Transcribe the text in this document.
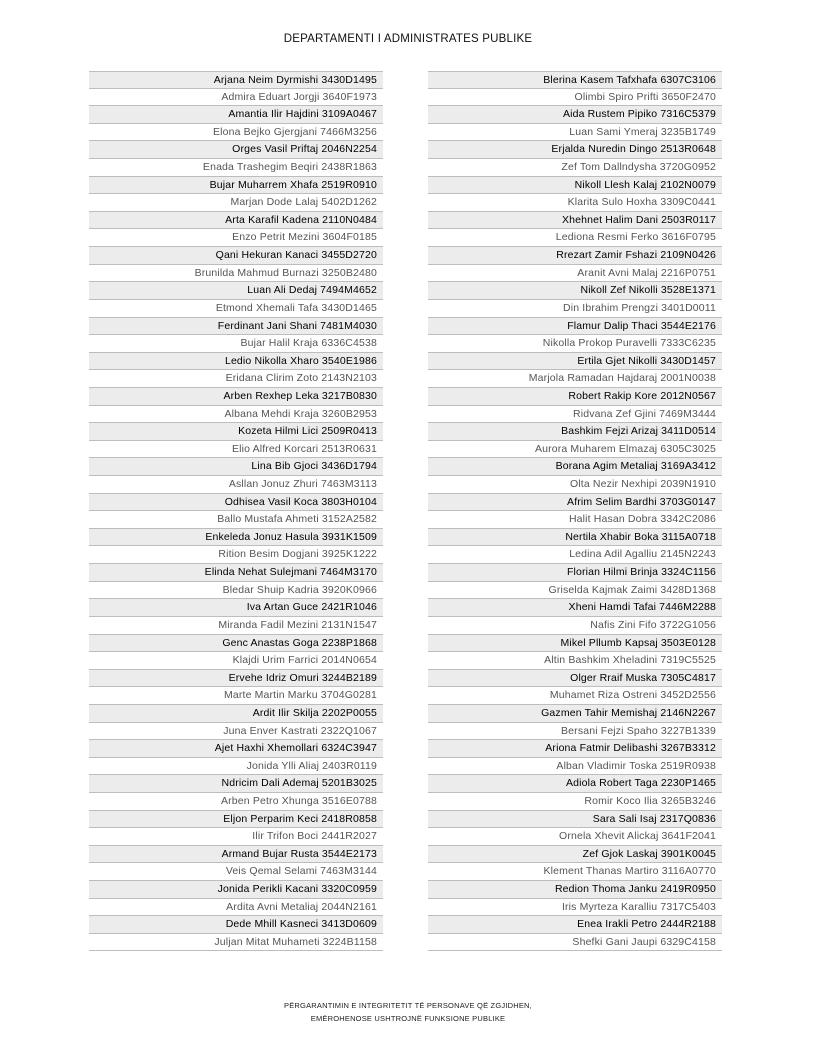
DEPARTAMENTI I ADMINISTRATES PUBLIKE
Arjana Neim Dyrmishi 3430D1495
Admira Eduart Jorgji 3640F1973
Amantia Ilir Hajdini 3109A0467
Elona Bejko Gjergjani 7466M3256
Orges Vasil Priftaj 2046N2254
Enada Trashegim Beqiri 2438R1863
Bujar Muharrem Xhafa 2519R0910
Marjan Dode Lalaj 5402D1262
Arta Karafil Kadena 2110N0484
Enzo Petrit Mezini 3604F0185
Qani Hekuran Kanaci 3455D2720
Brunilda Mahmud Burnazi 3250B2480
Luan Ali Dedaj 7494M4652
Etmond Xhemali Tafa 3430D1465
Ferdinant Jani Shani 7481M4030
Bujar Halil Kraja 6336C4538
Ledio Nikolla Xharo 3540E1986
Eridana Clirim Zoto 2143N2103
Arben Rexhep Leka 3217B0830
Albana Mehdi Kraja 3260B2953
Kozeta Hilmi Lici 2509R0413
Elio Alfred Korcari 2513R0631
Lina Bib Gjoci 3436D1794
Asllan Jonuz Zhuri 7463M3113
Odhisea Vasil Koca 3803H0104
Ballo Mustafa Ahmeti 3152A2582
Enkeleda Jonuz Hasula 3931K1509
Rition Besim Dogjani 3925K1222
Elinda Nehat Sulejmani 7464M3170
Bledar Shuip Kadria 3920K0966
Iva Artan Guce 2421R1046
Miranda Fadil Mezini 2131N1547
Genc Anastas Goga 2238P1868
Klajdi Urim Farrici 2014N0654
Ervehe Idriz Omuri 3244B2189
Marte Martin Marku 3704G0281
Ardit Ilir Skilja 2202P0055
Juna Enver Kastrati 2322Q1067
Ajet Haxhi Xhemollari 6324C3947
Jonida Ylli Aliaj 2403R0119
Ndricim Dali Ademaj 5201B3025
Arben Petro Xhunga 3516E0788
Eljon Perparim Keci 2418R0858
Ilir Trifon Boci 2441R2027
Armand Bujar Rusta 3544E2173
Veis Qemal Selami 7463M3144
Jonida Perikli Kacani 3320C0959
Ardita Avni Metaliaj 2044N2161
Dede Mhill Kasneci 3413D0609
Juljan Mitat Muhameti 3224B1158
Blerina Kasem Tafxhafa 6307C3106
Olimbi Spiro Prifti 3650F2470
Aida Rustem Pipiko 7316C5379
Luan Sami Ymeraj 3235B1749
Erjalda Nuredin Dingo 2513R0648
Zef Tom Dallndysha 3720G0952
Nikoll Llesh Kalaj 2102N0079
Klarita Sulo Hoxha 3309C0441
Xhehnet Halim Dani 2503R0117
Lediona Resmi Ferko 3616F0795
Rrezart Zamir Fshazi 2109N0426
Aranit Avni Malaj 2216P0751
Nikoll Zef Nikolli 3528E1371
Din Ibrahim Prengzi 3401D0011
Flamur Dalip Thaci 3544E2176
Nikolla Prokop Puravelli 7333C6235
Ertila Gjet Nikolli 3430D1457
Marjola Ramadan Hajdaraj 2001N0038
Robert Rakip Kore 2012N0567
Ridvana Zef Gjini 7469M3444
Bashkim Fejzi Arizaj 3411D0514
Aurora Muharem Elmazaj 6305C3025
Borana Agim Metaliaj 3169A3412
Olta Nezir Nexhipi 2039N1910
Afrim Selim Bardhi 3703G0147
Halit Hasan Dobra 3342C2086
Nertila Xhabir Boka 3115A0718
Ledina Adil Agalliu 2145N2243
Florian Hilmi Brinja 3324C1156
Griselda Kajmak Zaimi 3428D1368
Xheni Hamdi Tafai 7446M2288
Nafis Zini Fifo 3722G1056
Mikel Pllumb Kapsaj 3503E0128
Altin Bashkim Xheladini 7319C5525
Olger Rraif Muska 7305C4817
Muhamet Riza Ostreni 3452D2556
Gazmen Tahir Memishaj 2146N2267
Bersani Fejzi Spaho 3227B1339
Ariona Fatmir Delibashi 3267B3312
Alban Vladimir Toska 2519R0938
Adiola Robert Taga 2230P1465
Romir Koco Ilia 3265B3246
Sara Sali Isaj 2317Q0836
Ornela Xhevit Alickaj 3641F2041
Zef Gjok Laskaj 3901K0045
Klement Thanas Martiro 3116A0770
Redion Thoma Janku 2419R0950
Iris Myrteza Karalliu 7317C5403
Enea Irakli Petro 2444R2188
Shefki Gani Jaupi 6329C4158
PËRGARANTIMIN E INTEGRITETIT TË PERSONAVE QË ZGJIDHEN,
EMËROHENOSE USHTROJNË FUNKSIONE PUBLIKE
